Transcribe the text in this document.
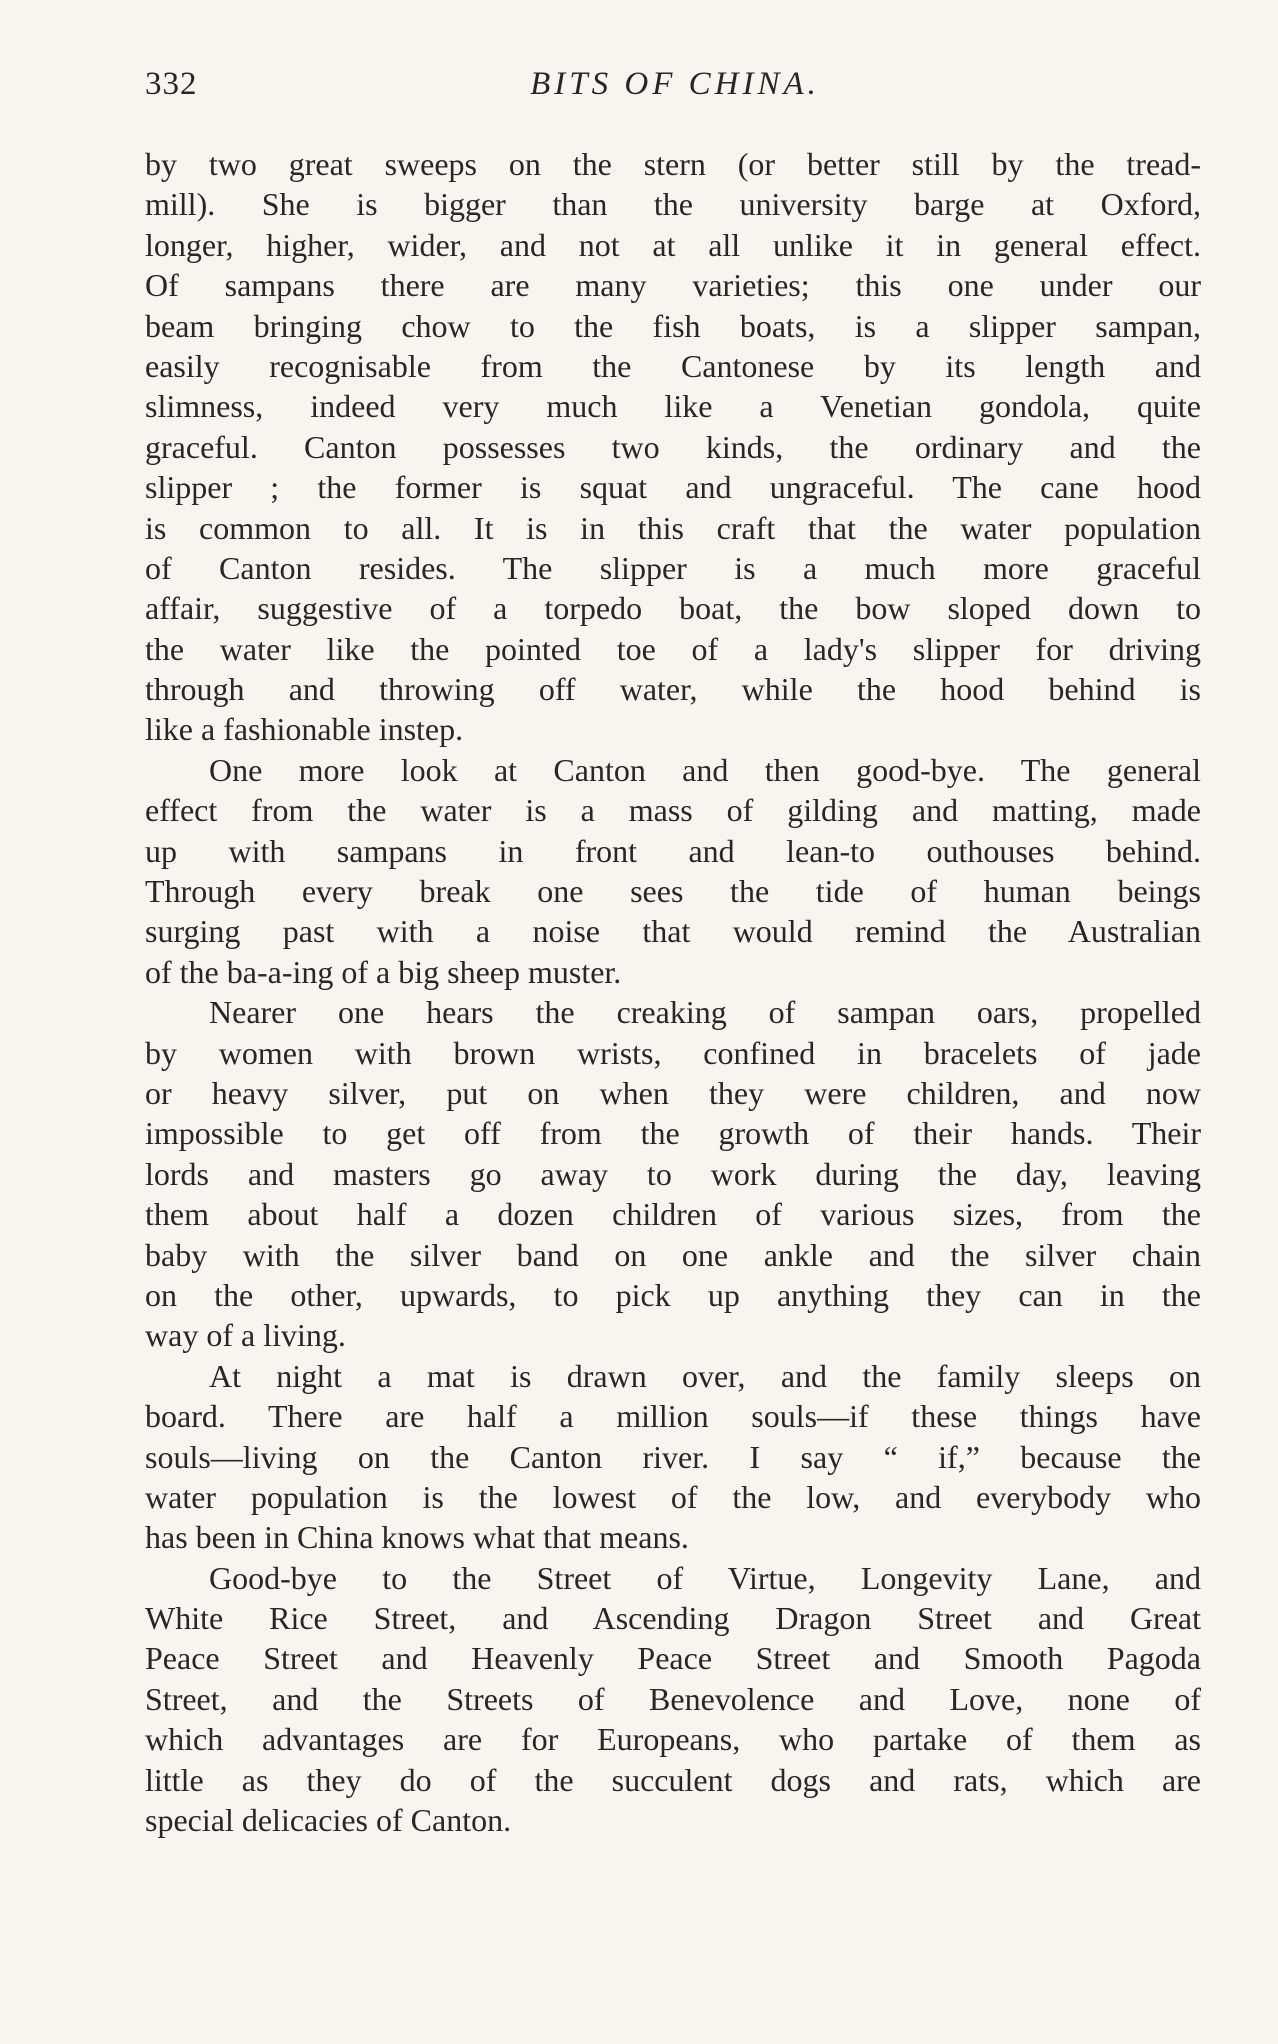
332	BITS OF CHINA.
by two great sweeps on the stern (or better still by the tread-
mill). She is bigger than the university barge at Oxford,
longer, higher, wider, and not at all unlike it in general effect.
Of sampans there are many varieties; this one under our
beam bringing chow to the fish boats, is a slipper sampan,
easily recognisable from the Cantonese by its length and
slimness, indeed very much like a Venetian gondola, quite
graceful. Canton possesses two kinds, the ordinary and the
slipper ; the former is squat and ungraceful. The cane hood
is common to all. It is in this craft that the water population
of Canton resides. The slipper is a much more graceful
affair, suggestive of a torpedo boat, the bow sloped down to
the water like the pointed toe of a lady's slipper for driving
through and throwing off water, while the hood behind is
like a fashionable instep.
One more look at Canton and then good-bye. The general
effect from the water is a mass of gilding and matting, made
up with sampans in front and lean-to outhouses behind.
Through every break one sees the tide of human beings
surging past with a noise that would remind the Australian
of the ba-a-ing of a big sheep muster.
Nearer one hears the creaking of sampan oars, propelled
by women with brown wrists, confined in bracelets of jade
or heavy silver, put on when they were children, and now
impossible to get off from the growth of their hands. Their
lords and masters go away to work during the day, leaving
them about half a dozen children of various sizes, from the
baby with the silver band on one ankle and the silver chain
on the other, upwards, to pick up anything they can in the
way of a living.
At night a mat is drawn over, and the family sleeps on
board. There are half a million souls—if these things have
souls—living on the Canton river. I say “ if,” because the
water population is the lowest of the low, and everybody who
has been in China knows what that means.
Good-bye to the Street of Virtue, Longevity Lane, and
White Rice Street, and Ascending Dragon Street and Great
Peace Street and Heavenly Peace Street and Smooth Pagoda
Street, and the Streets of Benevolence and Love, none of
which advantages are for Europeans, who partake of them as
little as they do of the succulent dogs and rats, which are
special delicacies of Canton.
